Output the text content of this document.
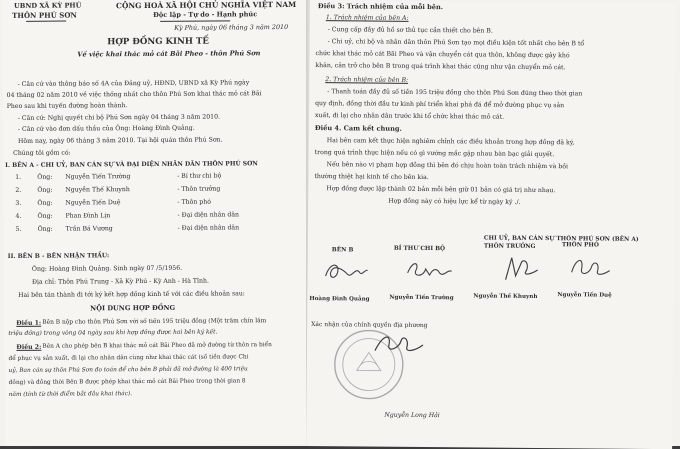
UBND XÃ KỲ PHÚ
THÔN PHÚ SƠN
CỘNG HOÀ XÃ HỘI CHỦ NGHĨA VIỆT NAM
Độc lập - Tự do - Hạnh phúc
Kỳ Phú, ngày 06 tháng 3 năm 2010
HỢP ĐỒNG KINH TẾ
Về việc khai thác mỏ cát Bãi Pheo - thôn Phú Sơn
- Căn cứ vào thông báo số 4A của Đảng uỷ, HĐND, UBND xã Kỳ Phú ngày
04 tháng 02 năm 2010 về việc thống nhất cho thôn Phú Sơn khai thác mỏ cát Bãi
Pheo sau khi tuyến đường hoàn thành.
- Căn cứ: Nghị quyết chi bộ Phú Sơn ngày 04 tháng 3 năm 2010.
- Căn cứ vào đơn dấu thầu của Ông: Hoàng Đình Quảng.
Hôm nay, ngày 06 tháng 3 năm 2010. Tại hội quán thôn Phú Sơn.
Chúng tôi gồm có:
I. BÊN A - CHI UỶ, BAN CÁN SỰ VÀ ĐẠI DIỆN NHÂN DÂN THÔN PHÚ SƠN
1.	Ông: Nguyễn Tiến Trường	- Bí thư chi bộ
2.	Ông: Nguyễn Thế Khuynh	- Thôn trưởng
3.	Ông: Nguyễn Tiến Duệ	- Thôn phó
4.	Ông: Phan Đình Lịn	- Đại diện nhân dân
5.	Ông: Trần Bá Vương	- Đại diện nhân dân
II. BÊN B - BÊN NHẬN THẦU:
Ông: Hoàng Đình Quảng. Sinh ngày 07 /5/1956.
Địa chỉ: Thôn Phú Trung - Xã Kỳ Phú - Kỳ Anh - Hà Tĩnh.
Hai bên tán thành đi tới ký kết hợp đồng kinh tế với các điều khoản sau:
NỘI DUNG HỢP ĐỒNG
Điều 1: Bên B nộp cho thôn Phú Sơn với số tiền 195 triệu đồng (Một trăm chín lăm
triệu đồng) trong vòng 04 ngày sau khi hợp đồng được hai bên ký kết.
Điều 2: Bên A cho phép bên B khai thác mỏ cát Bãi Pheo đã mở đường từ thôn ra biển
để phục vụ sản xuất, đi lại cho nhân dân cùng như khai thác cát (số tiền được Chi
uỷ, Ban cán sự thôn Phú Sơn đo toán để cho bên B phải đã mở đường là 400 triệu
đồng) và đồng thời Bên B được phép khai thác mỏ cát Bãi Pheo trong thời gian 8
năm (tính từ thời điểm bắt đầu khai thác).
Điều 3: Trách nhiệm của mỗi bên.
1. Trách nhiệm của bên A:
- Cung cấp đầy đủ hồ sơ thủ tục cần thiết cho bên B.
- Chi uỷ, chi bộ và nhân dân thôn Phú Sơn tạo mọi điều kiện tốt nhất cho bên B tổ
chức khai thác mỏ cát Bãi Pheo và vận chuyển cát qua thôn, không được gây khó
khăn, cản trở cho bên B trong quá trình khai thác cũng như vận chuyển mỏ cát.
2. Trách nhiệm của bên B:
- Thanh toán đầy đủ số tiền 195 triệu đồng cho thôn Phú Sơn đúng theo thời gian
quy định, đồng thời đầu tư kinh phí triển khai phá đá để mở đường phục vụ sản
xuất, đi lại cho nhân dân trước khi tổ chức khai thác mỏ cát.
Điều 4. Cam kết chung.
Hai bên cam kết thực hiện nghiêm chỉnh các điều khoản trong hợp đồng đã ký,
trong quá trình thực hiện nếu có gì vướng mắc gặp nhau bàn bạc giải quyết.
Nếu bên nào vi phạm hợp đồng thì bên đó chịu hoàn toàn trách nhiệm và bồi
thường thiệt hại kinh tế cho bên kia.
Hợp đồng được lập thành 02 bản mỗi bên giữ 01 bản có giá trị như nhau.
Hợp đồng này có hiệu lực kể từ ngày ký ./.
CHI UỶ, BAN CÁN SỰ THÔN PHÚ SƠN (BÊN A)
BÊN B	BÍ THƯ CHI BỘ	THÔN TRƯỞNG	THÔN PHÓ
Hoàng Đình Quảng	Nguyễn Tiến Trường	Nguyễn Thế Khuynh	Nguyễn Tiến Duệ
Xác nhận của chính quyền địa phương
Nguyễn Long Hải
